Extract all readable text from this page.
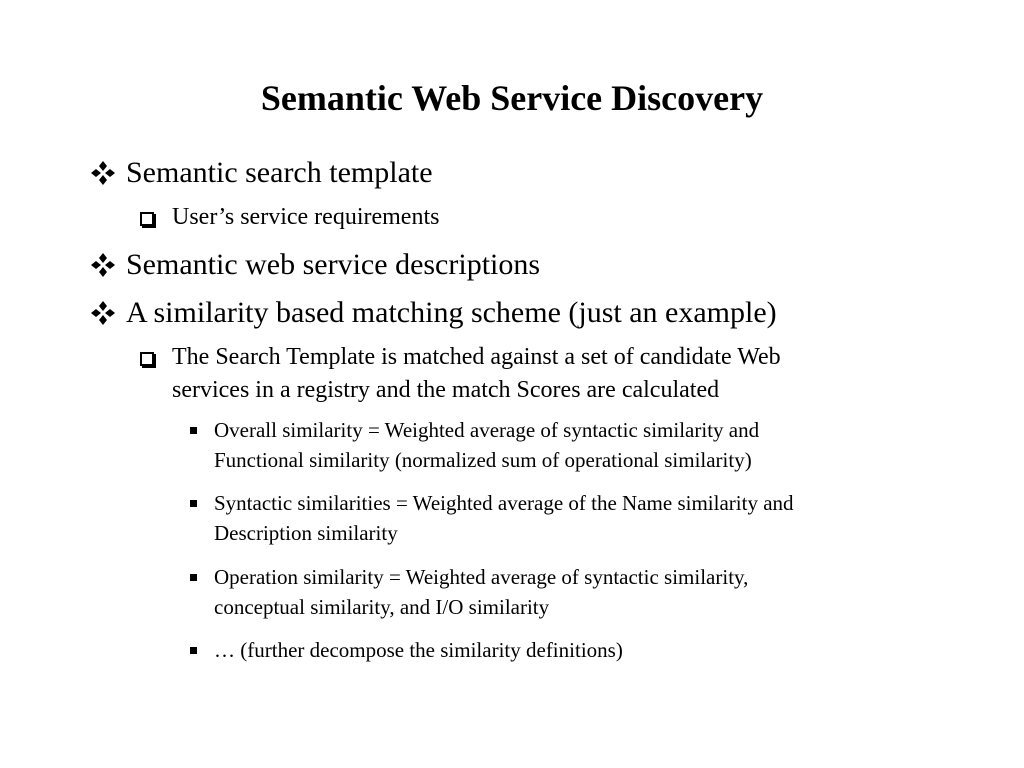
Semantic Web Service Discovery
Semantic search template
User’s service requirements
Semantic web service descriptions
A similarity based matching scheme (just an example)
The Search Template is matched against a set of candidate Web
services in a registry and the match Scores are calculated
Overall similarity = Weighted average of syntactic similarity and
Functional similarity (normalized sum of operational similarity)
Syntactic similarities = Weighted average of the Name similarity and
Description similarity
Operation similarity = Weighted average of syntactic similarity,
conceptual similarity, and I/O similarity
… (further decompose the similarity definitions)
